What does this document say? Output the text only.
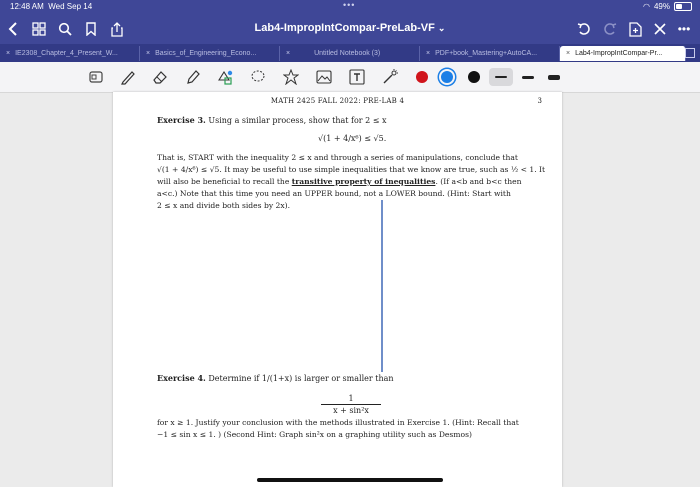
12:48 AM Wed Sep 14	•••	◠ 49%
Lab4-ImpropIntCompar-PreLab-VF ⌄	•••
× IE2308_Chapter_4_Present_W...	× Basics_of_Engineering_Econo...	×	Untitled Notebook (3)	× PDF+book_Mastering+AutoCA...	× Lab4-ImpropIntCompar-Pr...
MATH 2425 FALL 2022: PRE-LAB 4	3
Exercise 3. Using a similar process, show that for 2 ≤ x
√(1 + 4/x⁶) ≤ √5.
That is, START with the inequality 2 ≤ x and through a series of manipulations, conclude that
√(1 + 4/x⁶) ≤ √5. It may be useful to use simple inequalities that we know are true, such as ½ < 1. It
will also be beneficial to recall the transitive property of inequalities. (If a<b and b<c then
a<c.) Note that this time you need an UPPER bound, not a LOWER bound. (Hint: Start with
2 ≤ x and divide both sides by 2x).
Exercise 4. Determine if 1/(1+x) is larger or smaller than
$\frac{1}{\text{x + sin²x}}$
for x ≥ 1. Justify your conclusion with the methods illustrated in Exercise 1. (Hint: Recall that
−1 ≤ sin x ≤ 1. ) (Second Hint: Graph sin²x on a graphing utility such as Desmos)
